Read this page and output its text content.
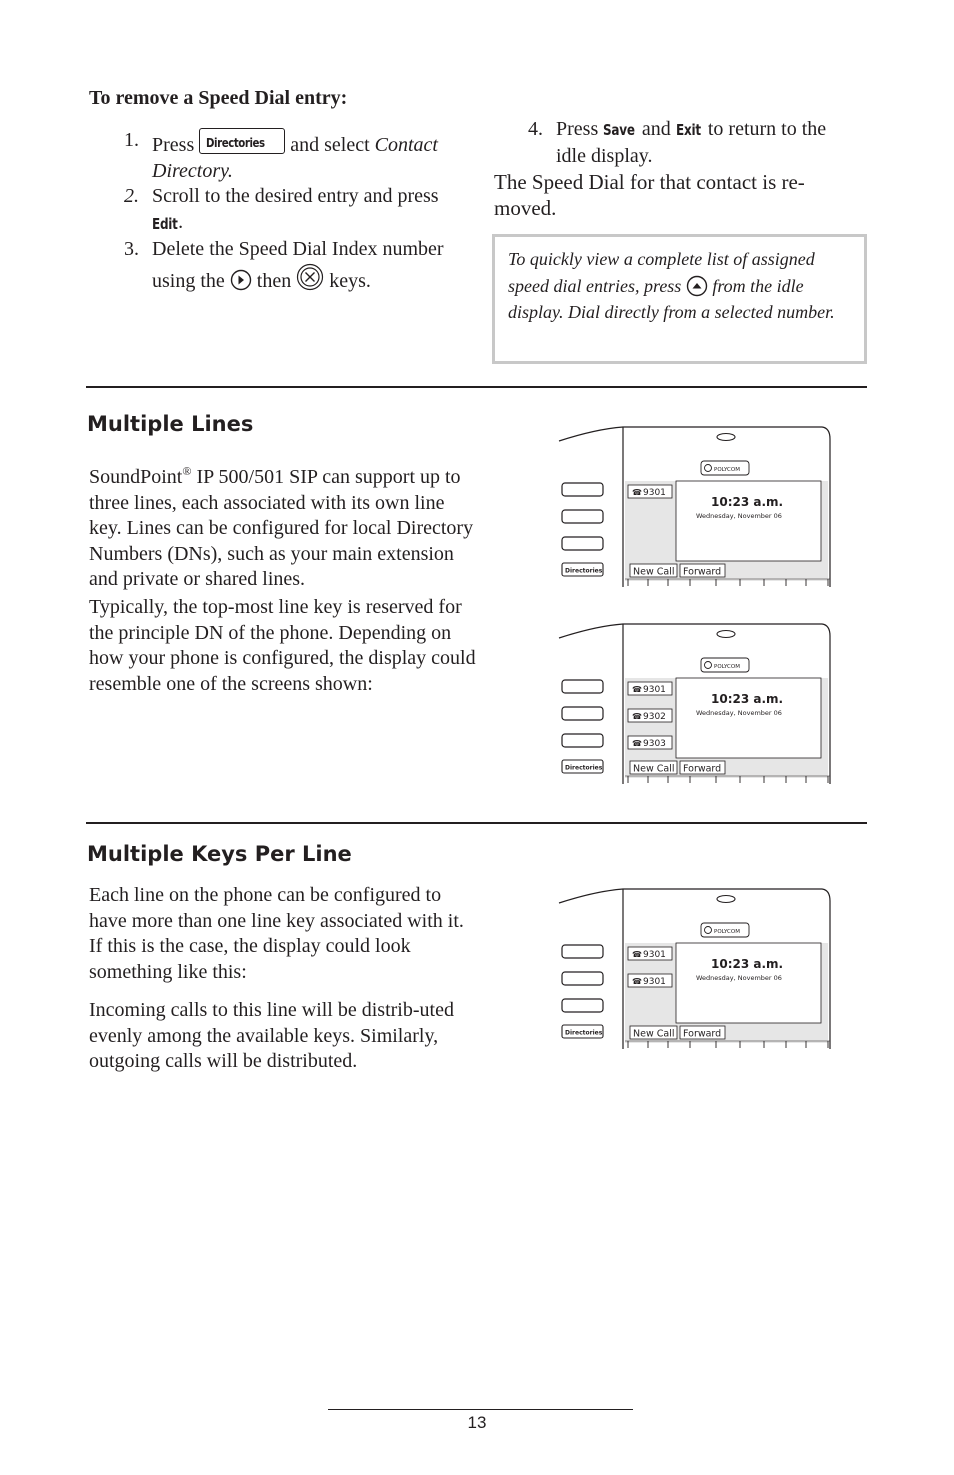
To remove a Speed Dial entry:
1. Press Directories and select Contact Directory.
2. Scroll to the desired entry and press
Edit.
3. Delete the Speed Dial Index number using the then keys.
4. Press Save and Exit to return to the idle display.
The Speed Dial for that contact is re-moved.

To quickly view a complete list of assigned speed dial entries, press from the idle display. Dial directly from a selected number.

Multiple Lines
SoundPoint® IP 500/501 SIP can support up to three lines, each associated with its own line key. Lines can be configured for local Directory Numbers (DNs), such as your main extension and private or shared lines.
Typically, the top-most line key is reserved for the principle DN of the phone. Depending on how your phone is configured, the display could resemble one of the screens shown:
Multiple Keys Per Line
Each line on the phone can be configured to have more than one line key associated with it. If this is the case, the display could look something like this:
Incoming calls to this line will be distrib-uted evenly among the available keys. Similarly, outgoing calls will be distributed.
POLYCOM
10:23 a.m.
Wednesday, November 06
☎ 9301
New Call Forward
Directories
POLYCOM
10:23 a.m.
Wednesday, November 06
☎ 9301
☎ 9302
☎ 9303
New Call Forward
Directories
POLYCOM
10:23 a.m.
Wednesday, November 06
☎ 9301
☎ 9301
New Call Forward
Directories
13
